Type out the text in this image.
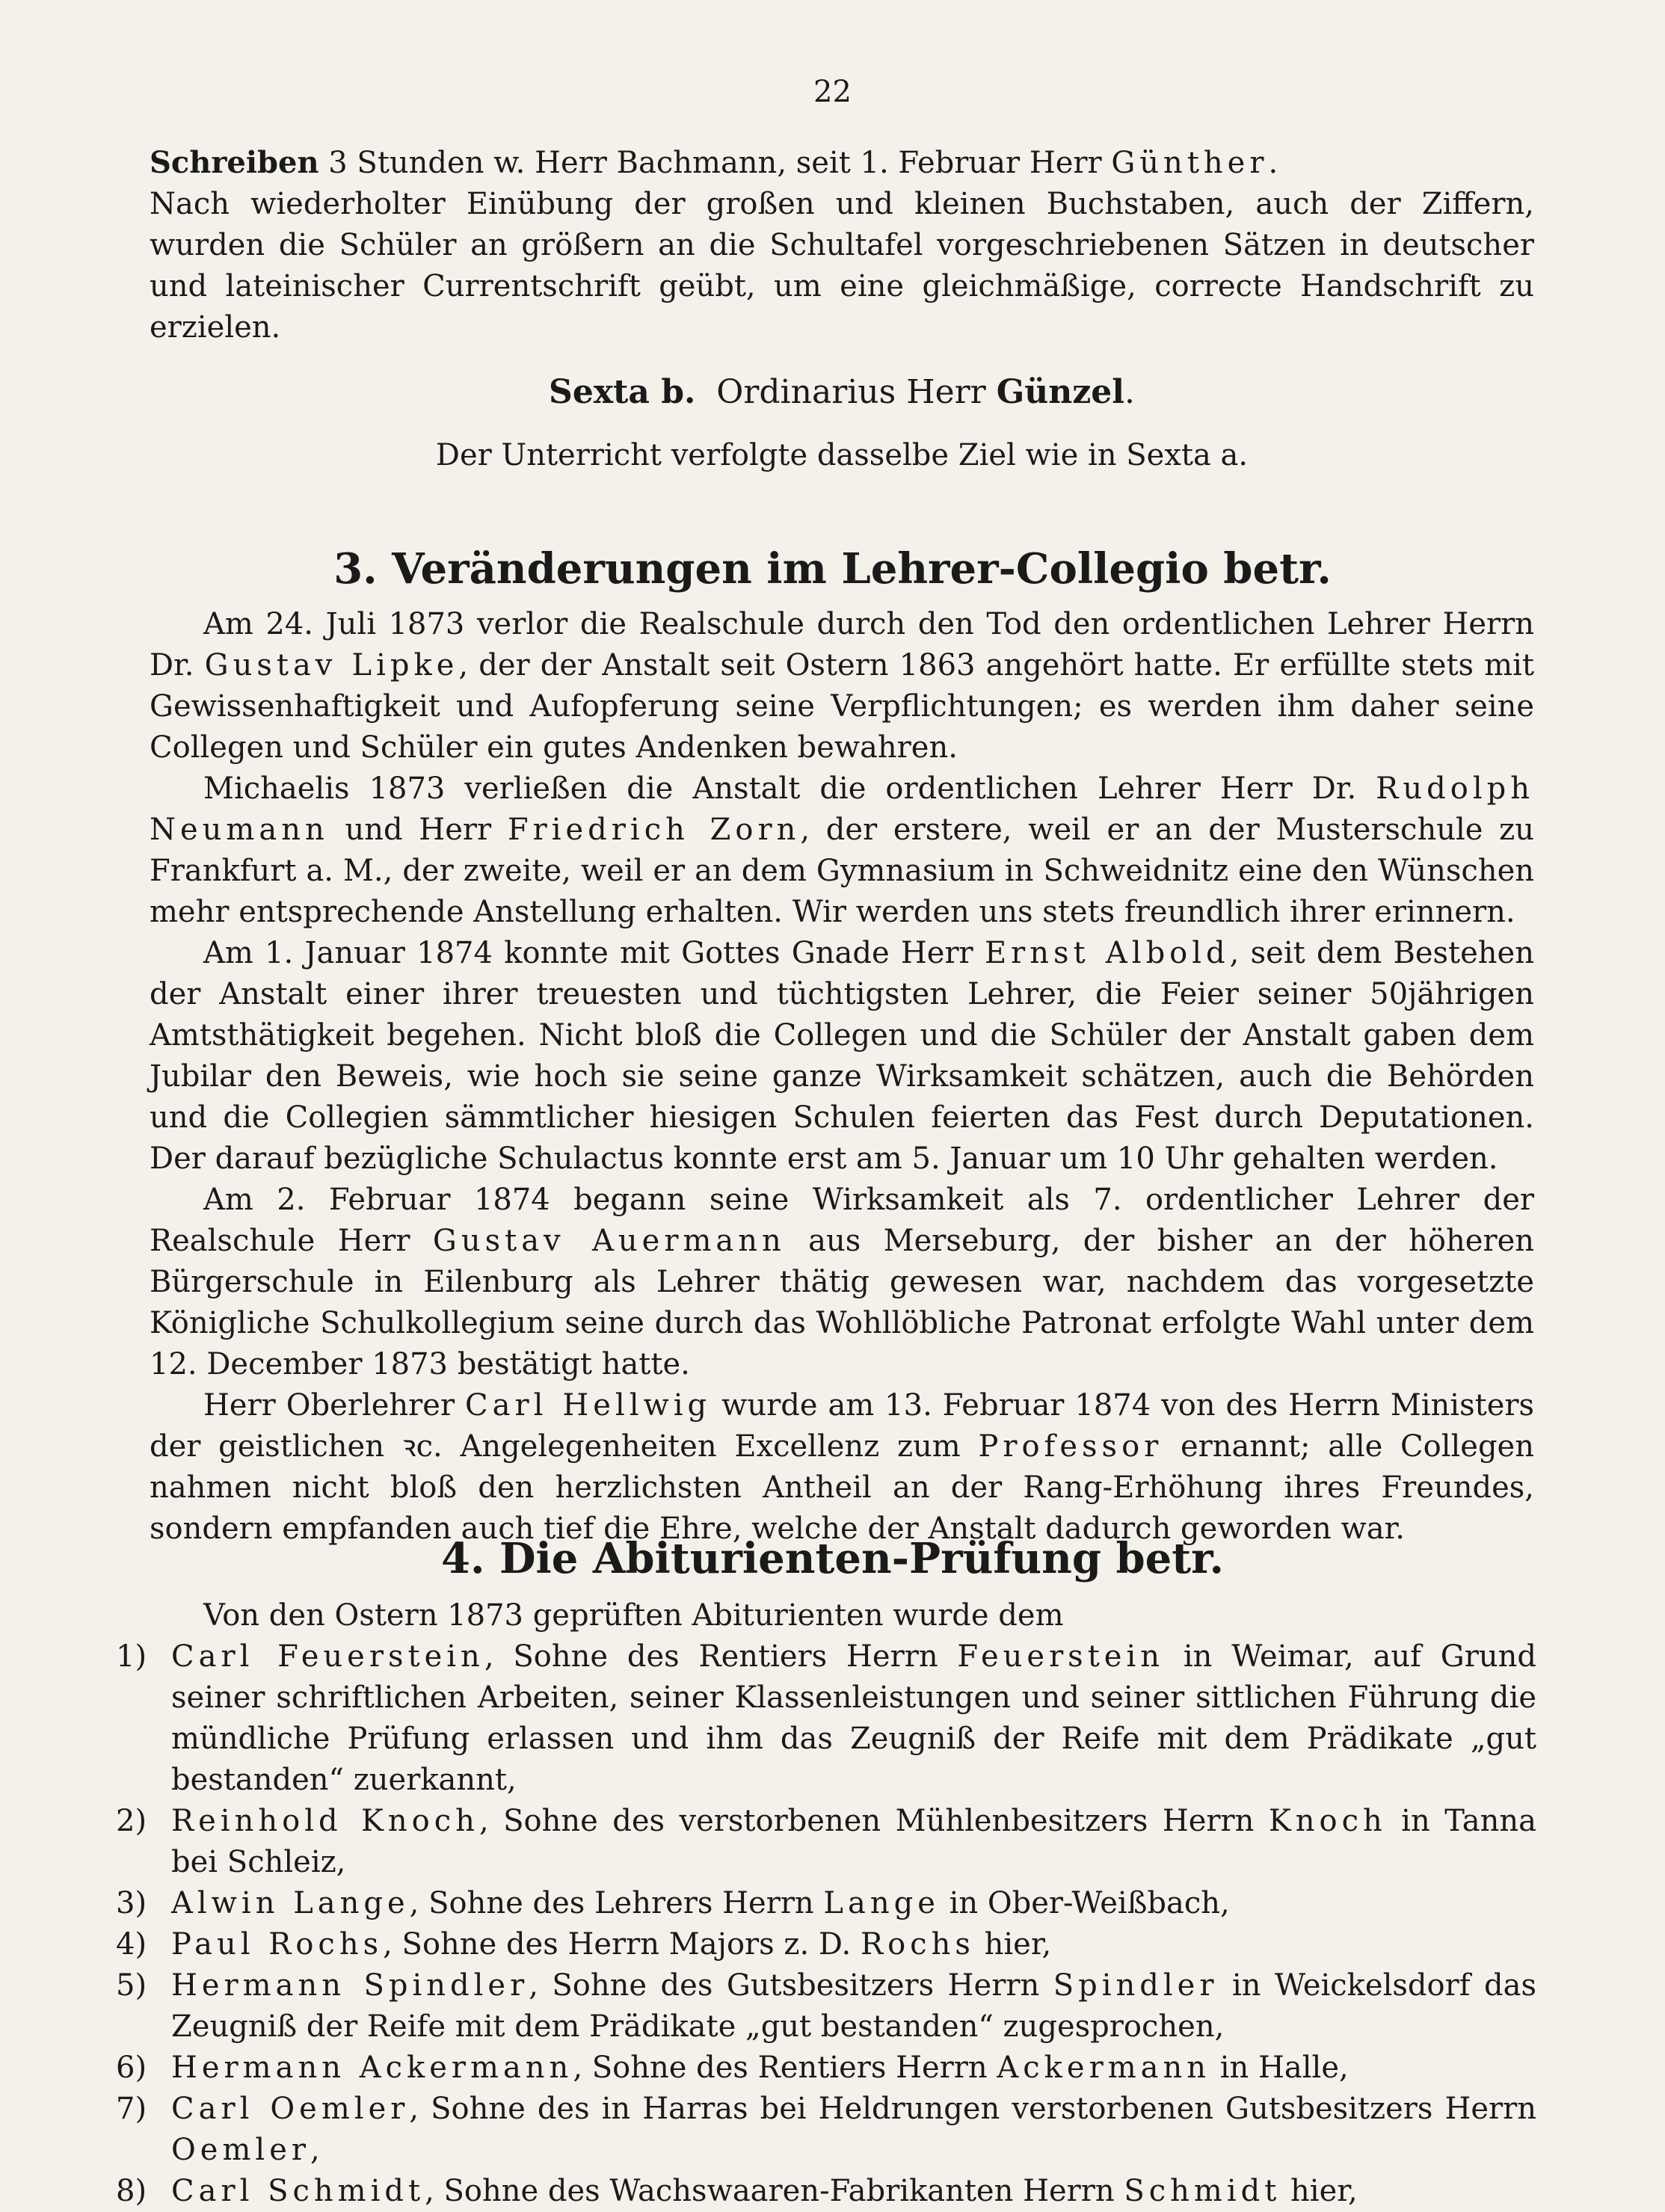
22

Schreiben 3 Stunden w. Herr Bachmann, seit 1. Februar Herr Günther.

Nach wiederholter Einübung der großen und kleinen Buchstaben, auch der Ziffern, wurden die Schüler an größern an die Schultafel vorgeschriebenen Sätzen in deutscher und lateinischer Currentschrift geübt, um eine gleichmäßige, correcte Handschrift zu erzielen.

Sexta b. Ordinarius Herr Günzel.

Der Unterricht verfolgte dasselbe Ziel wie in Sexta a.

3. Veränderungen im Lehrer-Collegio betr.

Am 24. Juli 1873 verlor die Realschule durch den Tod den ordentlichen Lehrer Herrn Dr. Gustav Lipke, der der Anstalt seit Ostern 1863 angehört hatte. Er erfüllte stets mit Gewissenhaftigkeit und Aufopferung seine Verpflichtungen; es werden ihm daher seine Collegen und Schüler ein gutes Andenken bewahren.

Michaelis 1873 verließen die Anstalt die ordentlichen Lehrer Herr Dr. Rudolph Neumann und Herr Friedrich Zorn, der erstere, weil er an der Musterschule zu Frankfurt a. M., der zweite, weil er an dem Gymnasium in Schweidnitz eine den Wünschen mehr entsprechende Anstellung erhalten. Wir werden uns stets freundlich ihrer erinnern.

Am 1. Januar 1874 konnte mit Gottes Gnade Herr Ernst Albold, seit dem Bestehen der Anstalt einer ihrer treuesten und tüchtigsten Lehrer, die Feier seiner 50jährigen Amtsthätigkeit begehen. Nicht bloß die Collegen und die Schüler der Anstalt gaben dem Jubilar den Beweis, wie hoch sie seine ganze Wirksamkeit schätzen, auch die Behörden und die Collegien sämmtlicher hiesigen Schulen feierten das Fest durch Deputationen. Der darauf bezügliche Schulactus konnte erst am 5. Januar um 10 Uhr gehalten werden.

Am 2. Februar 1874 begann seine Wirksamkeit als 7. ordentlicher Lehrer der Realschule Herr Gustav Auermann aus Merseburg, der bisher an der höheren Bürgerschule in Eilenburg als Lehrer thätig gewesen war, nachdem das vorgesetzte Königliche Schulkollegium seine durch das Wohllöbliche Patronat erfolgte Wahl unter dem 12. December 1873 bestätigt hatte.

Herr Oberlehrer Carl Hellwig wurde am 13. Februar 1874 von des Herrn Ministers der geistlichen ꝛc. Angelegenheiten Excellenz zum Professor ernannt; alle Collegen nahmen nicht bloß den herzlichsten Antheil an der Rang-Erhöhung ihres Freundes, sondern empfanden auch tief die Ehre, welche der Anstalt dadurch geworden war.

4. Die Abiturienten-Prüfung betr.

Von den Ostern 1873 geprüften Abiturienten wurde dem

1) Carl Feuerstein, Sohne des Rentiers Herrn Feuerstein in Weimar, auf Grund seiner schriftlichen Arbeiten, seiner Klassenleistungen und seiner sittlichen Führung die mündliche Prüfung erlassen und ihm das Zeugniß der Reife mit dem Prädikate „gut bestanden“ zuerkannt,
2) Reinhold Knoch, Sohne des verstorbenen Mühlenbesitzers Herrn Knoch in Tanna bei Schleiz,
3) Alwin Lange, Sohne des Lehrers Herrn Lange in Ober-Weißbach,
4) Paul Rochs, Sohne des Herrn Majors z. D. Rochs hier,
5) Hermann Spindler, Sohne des Gutsbesitzers Herrn Spindler in Weickelsdorf das Zeugniß der Reife mit dem Prädikate „gut bestanden“ zugesprochen,
6) Hermann Ackermann, Sohne des Rentiers Herrn Ackermann in Halle,
7) Carl Oemler, Sohne des in Harras bei Heldrungen verstorbenen Gutsbesitzers Herrn Oemler,
8) Carl Schmidt, Sohne des Wachswaaren-Fabrikanten Herrn Schmidt hier,
